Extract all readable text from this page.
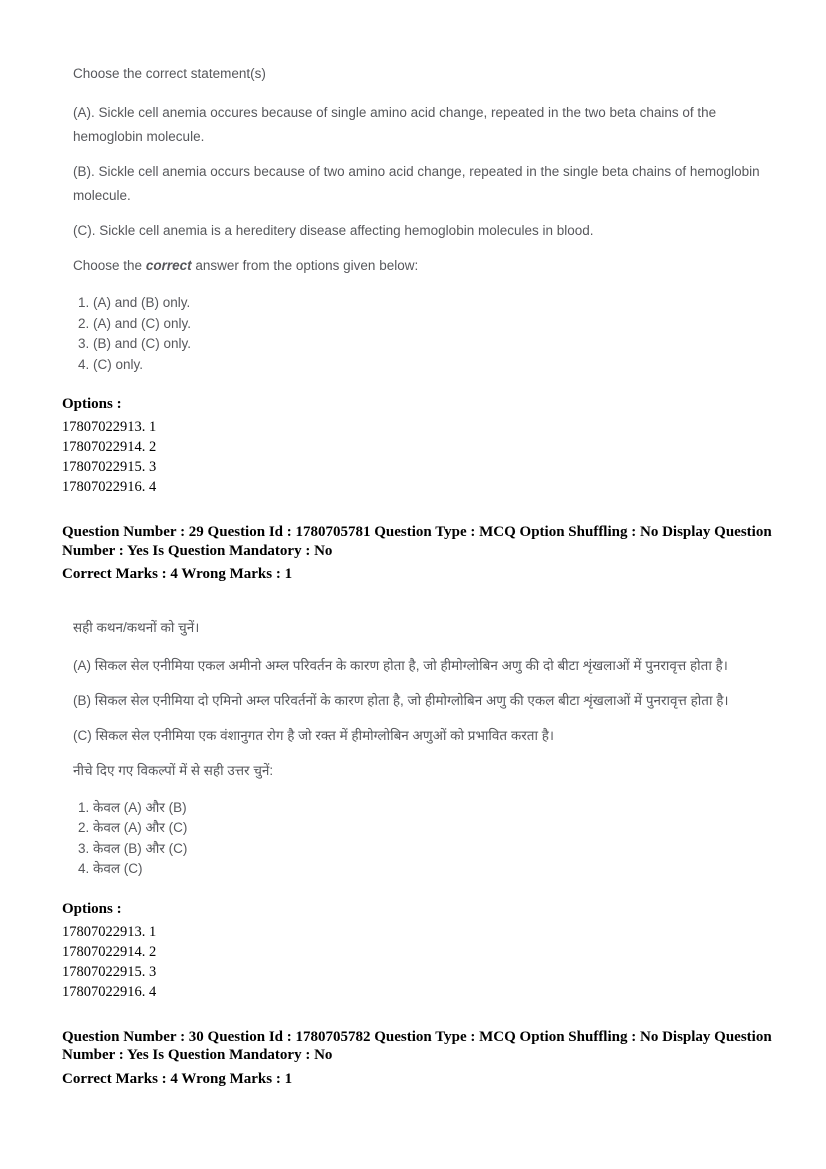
Choose the correct statement(s)

(A). Sickle cell anemia occures because of single amino acid change, repeated in the two beta chains of the hemoglobin molecule.

(B). Sickle cell anemia occurs because of two amino acid change, repeated in the single beta chains of hemoglobin molecule.

(C). Sickle cell anemia is a hereditery disease affecting hemoglobin molecules in blood.

Choose the correct answer from the options given below:

1. (A) and (B) only.

2. (A) and (C) only.

3. (B) and (C) only.

4. (C) only.

Options :

17807022913. 1

17807022914. 2

17807022915. 3

17807022916. 4

Question Number : 29 Question Id : 1780705781 Question Type : MCQ Option Shuffling : No Display Question Number : Yes Is Question Mandatory : No

Correct Marks : 4 Wrong Marks : 1

सही कथन/कथनों को चुनें।

(A) सिकल सेल एनीमिया एकल अमीनो अम्ल परिवर्तन के कारण होता है, जो हीमोग्लोबिन अणु की दो बीटा शृंखलाओं में पुनरावृत्त होता है।

(B) सिकल सेल एनीमिया दो एमिनो अम्ल परिवर्तनों के कारण होता है, जो हीमोग्लोबिन अणु की एकल बीटा शृंखलाओं में पुनरावृत्त होता है।

(C) सिकल सेल एनीमिया एक वंशानुगत रोग है जो रक्त में हीमोग्लोबिन अणुओं को प्रभावित करता है।

नीचे दिए गए विकल्पों में से सही उत्तर चुनें:

1. केवल (A) और (B)

2. केवल (A) और (C)

3. केवल (B) और (C)

4. केवल (C)

Options :

17807022913. 1

17807022914. 2

17807022915. 3

17807022916. 4

Question Number : 30 Question Id : 1780705782 Question Type : MCQ Option Shuffling : No Display Question Number : Yes Is Question Mandatory : No

Correct Marks : 4 Wrong Marks : 1
